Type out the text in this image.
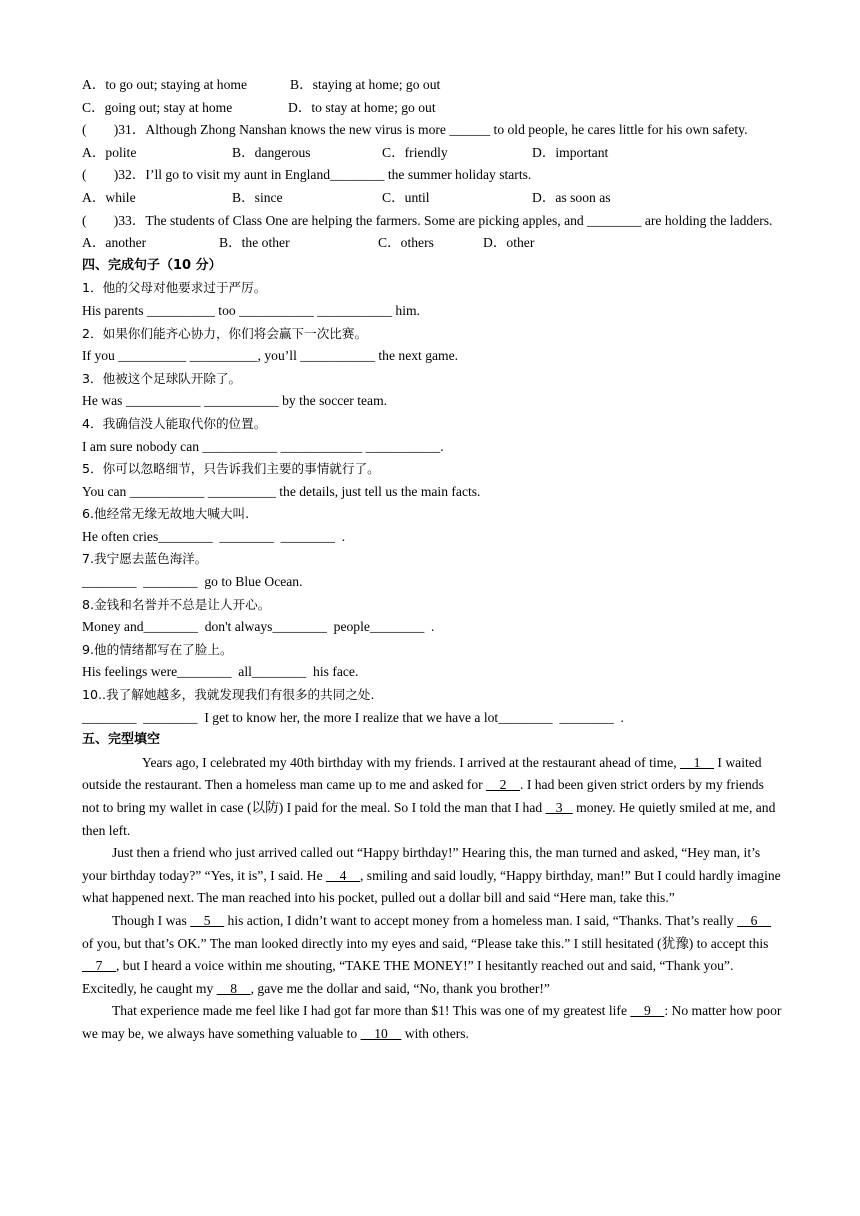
A．to go out; staying at home	B．staying at home; go out
C．going out; stay at home	D．to stay at home; go out
(　　)31．Although Zhong Nanshan knows the new virus is more ______ to old people, he cares little for his own safety.
A．polite	B．dangerous	C．friendly	D．important
(　　)32．I’ll go to visit my aunt in England________ the summer holiday starts.
A．while	B．since	C．until	D．as soon as
(　　)33．The students of Class One are helping the farmers. Some are picking apples, and ________ are holding the ladders.
A．another	B．the other	C．others	D．other
四、完成句子（10 分）
1．他的父母对他要求过于严厉。
His parents __________ too ___________ ___________ him.
2．如果你们能齐心协力，你们将会赢下一次比赛。
If you __________ __________, you’ll ___________ the next game.
3．他被这个足球队开除了。
He was ___________ ___________ by the soccer team.
4．我确信没人能取代你的位置。
I am sure nobody can ___________ ____________ ___________.
5．你可以忽略细节，只告诉我们主要的事情就行了。
You can ___________ __________ the details, just tell us the main facts.
6.他经常无缘无故地大喊大叫.
He often cries________  ________  ________  .
7.我宁愿去蓝色海洋。
________  ________  go to Blue Ocean.
8.金钱和名誉并不总是让人开心。
Money and________  don't always________  people________  .
9.他的情绪都写在了脸上。
His feelings were________  all________  his face.
10..我了解她越多，我就发现我们有很多的共同之处.
________  ________  I get to know her, the more I realize that we have a lot________  ________  .
五、完型填空
Years ago, I celebrated my 40th birthday with my friends. I arrived at the restaurant ahead of time,     1     I waited outside the restaurant. Then a homeless man came up to me and asked for     2    . I had been given strict orders by my friends not to bring my wallet in case (以防) I paid for the meal. So I told the man that I had    3    money. He quietly smiled at me, and then left.
Just then a friend who just arrived called out “Happy birthday!” Hearing this, the man turned and asked, “Hey man, it’s your birthday today?” “Yes, it is”, I said. He     4    , smiling and said loudly, “Happy birthday, man!” But I could hardly imagine what happened next. The man reached into his pocket, pulled out a dollar bill and said “Here man, take this.”
Though I was     5     his action, I didn’t want to accept money from a homeless man. I said, “Thanks. That’s really     6     of you, but that’s OK.” The man looked directly into my eyes and said, “Please take this.” I still hesitated (犹豫) to accept this     7    , but I heard a voice within me shouting, “TAKE THE MONEY!” I hesitantly reached out and said, “Thank you”. Excitedly, he caught my     8    , gave me the dollar and said, “No, thank you brother!”
That experience made me feel like I had got far more than $1! This was one of my greatest life     9    : No matter how poor we may be, we always have something valuable to     10     with others.
